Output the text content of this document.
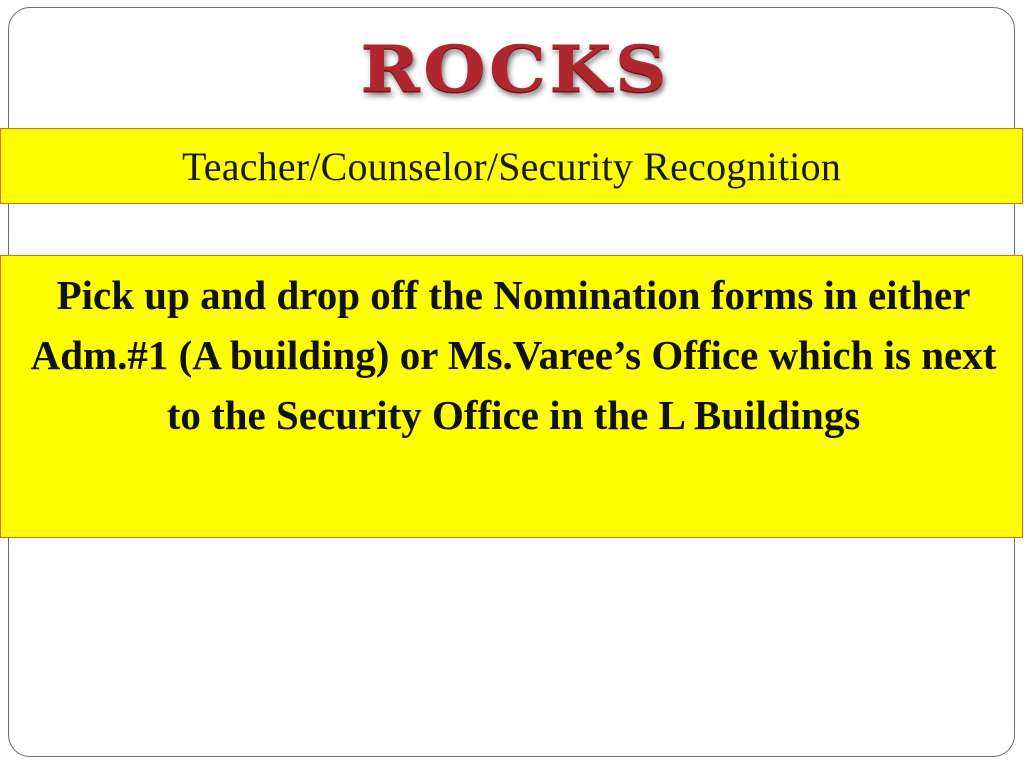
ROCKS
Teacher/Counselor/Security Recognition

Pick up and drop off the Nomination forms in either Adm.#1 (A building) or Ms.Varee’s Office which is next to the Security Office in the L Buildings
